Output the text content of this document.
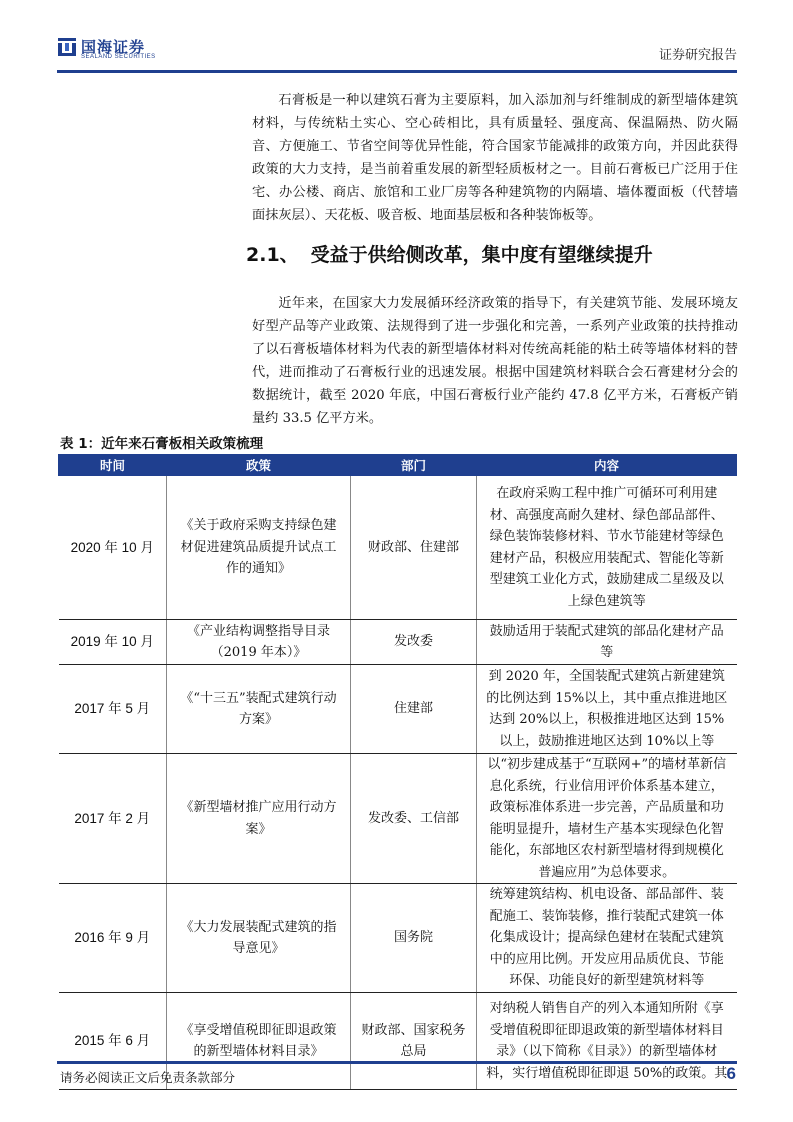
国海证券
SEALAND SECURITIES	证券研究报告

石膏板是一种以建筑石膏为主要原料，加入添加剂与纤维制成的新型墙体建筑材料，与传统粘土实心、空心砖相比，具有质量轻、强度高、保温隔热、防火隔音、方便施工、节省空间等优异性能，符合国家节能减排的政策方向，并因此获得政策的大力支持，是当前着重发展的新型轻质板材之一。目前石膏板已广泛用于住宅、办公楼、商店、旅馆和工业厂房等各种建筑物的内隔墙、墙体覆面板（代替墙面抹灰层）、天花板、吸音板、地面基层板和各种装饰板等。

2.1、 受益于供给侧改革，集中度有望继续提升

近年来，在国家大力发展循环经济政策的指导下，有关建筑节能、发展环境友好型产品等产业政策、法规得到了进一步强化和完善，一系列产业政策的扶持推动了以石膏板墙体材料为代表的新型墙体材料对传统高耗能的粘土砖等墙体材料的替代，进而推动了石膏板行业的迅速发展。根据中国建筑材料联合会石膏建材分会的数据统计，截至 2020 年底，中国石膏板行业产能约 47.8 亿平方米，石膏板产销量约 33.5 亿平方米。

表 1：近年来石膏板相关政策梳理
时间	政策	部门	内容
2020 年 10 月	《关于政府采购支持绿色建材促进建筑品质提升试点工作的通知》	财政部、住建部	在政府采购工程中推广可循环可利用建材、高强度高耐久建材、绿色部品部件、绿色装饰装修材料、节水节能建材等绿色建材产品，积极应用装配式、智能化等新型建筑工业化方式，鼓励建成二星级及以上绿色建筑等
2019 年 10 月	《产业结构调整指导目录（2019 年本）》	发改委	鼓励适用于装配式建筑的部品化建材产品等
2017 年 5 月	《“十三五”装配式建筑行动方案》	住建部	到 2020 年，全国装配式建筑占新建建筑的比例达到 15%以上，其中重点推进地区达到 20%以上，积极推进地区达到 15%以上，鼓励推进地区达到 10%以上等
2017 年 2 月	《新型墙材推广应用行动方案》	发改委、工信部	以“初步建成基于“互联网+”的墙材革新信息化系统，行业信用评价体系基本建立，政策标准体系进一步完善，产品质量和功能明显提升，墙材生产基本实现绿色化智能化，东部地区农村新型墙材得到规模化普遍应用”为总体要求。
2016 年 9 月	《大力发展装配式建筑的指导意见》	国务院	统筹建筑结构、机电设备、部品部件、装配施工、装饰装修，推行装配式建筑一体化集成设计；提高绿色建材在装配式建筑中的应用比例。开发应用品质优良、节能环保、功能良好的新型建筑材料等
2015 年 6 月	《享受增值税即征即退政策的新型墙体材料目录》	财政部、国家税务总局	对纳税人销售自产的列入本通知所附《享受增值税即征即退政策的新型墙体材料目录》（以下简称《目录》）的新型墙体材料，实行增值税即征即退 50%的政策。其
请务必阅读正文后免责条款部分	6
